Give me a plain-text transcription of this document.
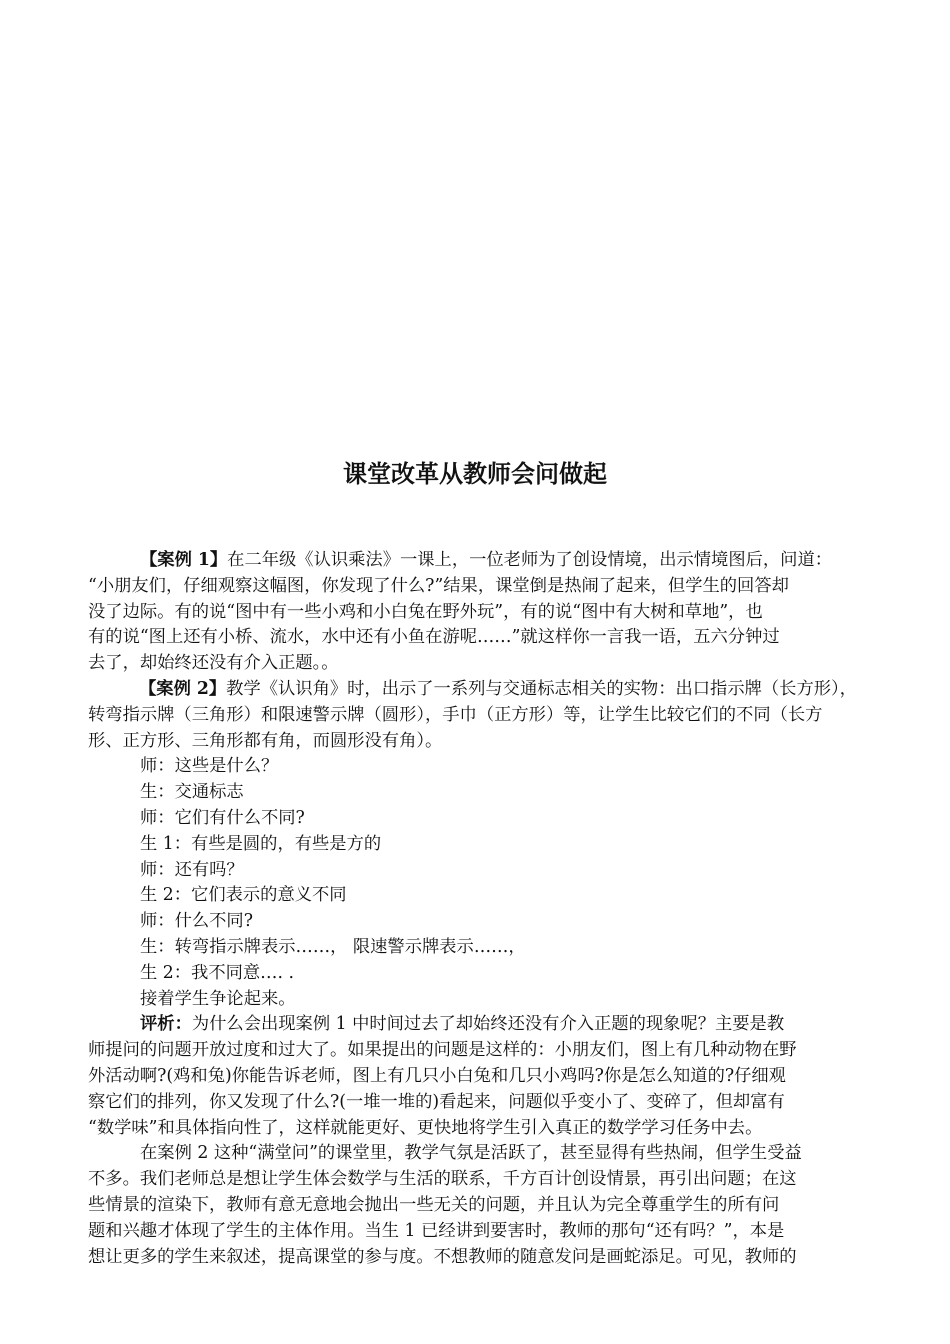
课堂改革从教师会问做起
【案例 1】在二年级《认识乘法》一课上，一位老师为了创设情境，出示情境图后，问道：
“小朋友们，仔细观察这幅图，你发现了什么?”结果，课堂倒是热闹了起来，但学生的回答却
没了边际。有的说“图中有一些小鸡和小白兔在野外玩”，有的说“图中有大树和草地”，也
有的说“图上还有小桥、流水，水中还有小鱼在游呢……”就这样你一言我一语，五六分钟过
去了，却始终还没有介入正题。。
【案例 2】教学《认识角》时，出示了一系列与交通标志相关的实物：出口指示牌（长方形），
转弯指示牌（三角形）和限速警示牌（圆形），手巾（正方形）等，让学生比较它们的不同（长方
形、正方形、三角形都有角，而圆形没有角）。
师：这些是什么？
生：交通标志
师：它们有什么不同?
生 1：有些是圆的，有些是方的
师：还有吗？
生 2：它们表示的意义不同
师：什么不同?
生：转弯指示牌表示……， 限速警示牌表示……，
生 2：我不同意…. .
接着学生争论起来。
评析：为什么会出现案例 1 中时间过去了却始终还没有介入正题的现象呢？主要是教
师提问的问题开放过度和过大了。如果提出的问题是这样的：小朋友们，图上有几种动物在野
外活动啊?(鸡和兔)你能告诉老师，图上有几只小白兔和几只小鸡吗?你是怎么知道的?仔细观
察它们的排列，你又发现了什么?(一堆一堆的)看起来，问题似乎变小了、变碎了，但却富有
“数学味”和具体指向性了，这样就能更好、更快地将学生引入真正的数学学习任务中去。
在案例 2 这种“满堂问”的课堂里，教学气氛是活跃了，甚至显得有些热闹，但学生受益
不多。我们老师总是想让学生体会数学与生活的联系，千方百计创设情景，再引出问题；在这
些情景的渲染下，教师有意无意地会抛出一些无关的问题，并且认为完全尊重学生的所有问
题和兴趣才体现了学生的主体作用。当生 1 已经讲到要害时，教师的那句“还有吗？”，本是
想让更多的学生来叙述，提高课堂的参与度。不想教师的随意发问是画蛇添足。可见，教师的
